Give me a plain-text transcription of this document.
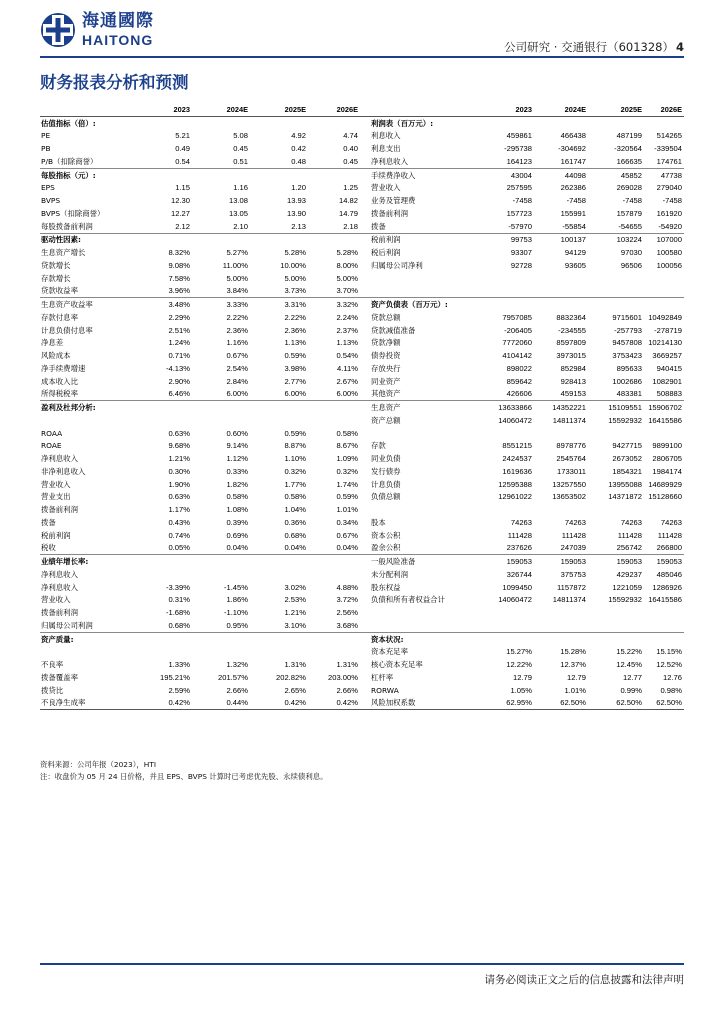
海通國際
HAITONG	公司研究 · 交通银行（601328） 4
财务报表分析和预测
	2023	2024E	2025E	2026E			2023	2024E	2025E	2026E
估值指标（倍）:						利润表（百万元）:				
PE	5.21	5.08	4.92	4.74		利息收入	459861	466438	487199	514265
PB	0.49	0.45	0.42	0.40		利息支出	-295738	-304692	-320564	-339504
P/B（扣除商誉）	0.54	0.51	0.48	0.45		净利息收入	164123	161747	166635	174761
每股指标（元）:						手续费净收入	43004	44098	45852	47738
EPS	1.15	1.16	1.20	1.25		营业收入	257595	262386	269028	279040
BVPS	12.30	13.08	13.93	14.82		业务及管理费	-7458	-7458	-7458	-7458
BVPS（扣除商誉）	12.27	13.05	13.90	14.79		拨备前利润	157723	155991	157879	161920
每股拨备前利润	2.12	2.10	2.13	2.18		拨备	-57970	-55854	-54655	-54920
驱动性因素:						税前利润	99753	100137	103224	107000
生息资产增长	8.32%	5.27%	5.28%	5.28%		税后利润	93307	94129	97030	100580
贷款增长	9.08%	11.00%	10.00%	8.00%		归属母公司净利	92728	93605	96506	100056
存款增长	7.58%	5.00%	5.00%	5.00%						
贷款收益率	3.96%	3.84%	3.73%	3.70%						
生息资产收益率	3.48%	3.33%	3.31%	3.32%		资产负债表（百万元）:				
存款付息率	2.29%	2.22%	2.22%	2.24%		贷款总额	7957085	8832364	9715601	10492849
计息负债付息率	2.51%	2.36%	2.36%	2.37%		贷款减值准备	-206405	-234555	-257793	-278719
净息差	1.24%	1.16%	1.13%	1.13%		贷款净额	7772060	8597809	9457808	10214130
风险成本	0.71%	0.67%	0.59%	0.54%		债券投资	4104142	3973015	3753423	3669257
净手续费增速	-4.13%	2.54%	3.98%	4.11%		存放央行	898022	852984	895633	940415
成本收入比	2.90%	2.84%	2.77%	2.67%		同业资产	859642	928413	1002686	1082901
所得税税率	6.46%	6.00%	6.00%	6.00%		其他资产	426606	459153	483381	508883
盈利及杜邦分析:						生息资产	13633866	14352221	15109551	15906702
						资产总额	14060472	14811374	15592932	16415586
ROAA	0.63%	0.60%	0.59%	0.58%						
ROAE	9.68%	9.14%	8.87%	8.67%		存款	8551215	8978776	9427715	9899100
净利息收入	1.21%	1.12%	1.10%	1.09%		同业负债	2424537	2545764	2673052	2806705
非净利息收入	0.30%	0.33%	0.32%	0.32%		发行债券	1619636	1733011	1854321	1984174
营业收入	1.90%	1.82%	1.77%	1.74%		计息负债	12595388	13257550	13955088	14689929
营业支出	0.63%	0.58%	0.58%	0.59%		负债总额	12961022	13653502	14371872	15128660
拨备前利润	1.17%	1.08%	1.04%	1.01%						
拨备	0.43%	0.39%	0.36%	0.34%		股本	74263	74263	74263	74263
税前利润	0.74%	0.69%	0.68%	0.67%		资本公积	111428	111428	111428	111428
税收	0.05%	0.04%	0.04%	0.04%		盈余公积	237626	247039	256742	266800
业绩年增长率:						一般风险准备	159053	159053	159053	159053
净利息收入						未分配利润	326744	375753	429237	485046
净利息收入	-3.39%	-1.45%	3.02%	4.88%		股东权益	1099450	1157872	1221059	1286926
营业收入	0.31%	1.86%	2.53%	3.72%		负债和所有者权益合计	14060472	14811374	15592932	16415586
拨备前利润	-1.68%	-1.10%	1.21%	2.56%						
归属母公司利润	0.68%	0.95%	3.10%	3.68%						
资产质量:						资本状况:				
						资本充足率	15.27%	15.28%	15.22%	15.15%
不良率	1.33%	1.32%	1.31%	1.31%		核心资本充足率	12.22%	12.37%	12.45%	12.52%
拨备覆盖率	195.21%	201.57%	202.82%	203.00%		杠杆率	12.79	12.79	12.77	12.76
拨贷比	2.59%	2.66%	2.65%	2.66%		RORWA	1.05%	1.01%	0.99%	0.98%
不良净生成率	0.42%	0.44%	0.42%	0.42%		风险加权系数	62.95%	62.50%	62.50%	62.50%
资料来源：公司年报（2023），HTI
注：收盘价为 05 月 24 日价格，并且 EPS、BVPS 计算时已考虑优先股、永续债利息。
请务必阅读正文之后的信息披露和法律声明
